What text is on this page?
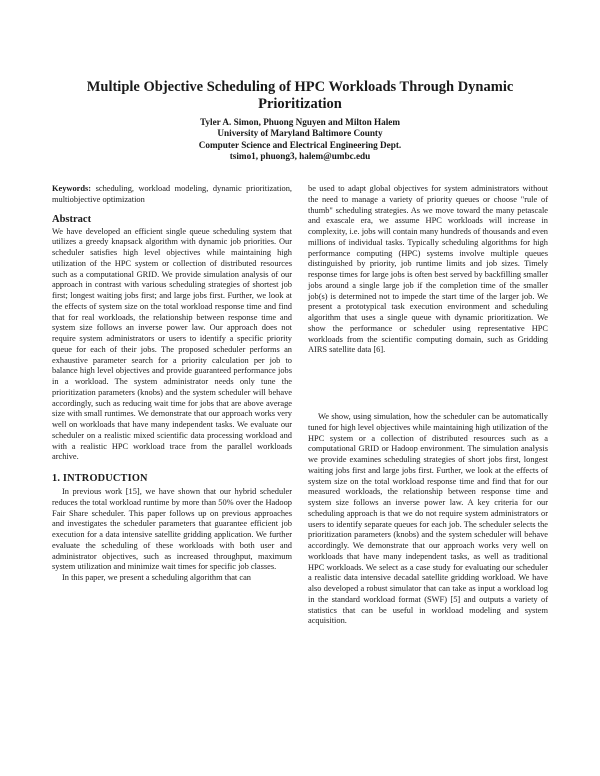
Multiple Objective Scheduling of HPC Workloads Through Dynamic Prioritization
Tyler A. Simon, Phuong Nguyen and Milton Halem
University of Maryland Baltimore County
Computer Science and Electrical Engineering Dept.
tsimo1, phuong3, halem@umbc.edu

Keywords: scheduling, workload modeling, dynamic prioritization, multiobjective optimization

Abstract

We have developed an efficient single queue scheduling system that utilizes a greedy knapsack algorithm with dynamic job priorities. Our scheduler satisfies high level objectives while maintaining high utilization of the HPC system or collection of distributed resources such as a computational GRID. We provide simulation analysis of our approach in contrast with various scheduling strategies of shortest job first; longest waiting jobs first; and large jobs first. Further, we look at the effects of system size on the total workload response time and find that for real workloads, the relationship between response time and system size follows an inverse power law. Our approach does not require system administrators or users to identify a specific priority queue for each of their jobs. The proposed scheduler performs an exhaustive parameter search for a priority calculation per job to balance high level objectives and provide guaranteed performance jobs in a workload. The system administrator needs only tune the prioritization parameters (knobs) and the system scheduler will behave accordingly, such as reducing wait time for jobs that are above average size with small runtimes. We demonstrate that our approach works very well on workloads that have many independent tasks. We evaluate our scheduler on a realistic mixed scientific data processing workload and with a realistic HPC workload trace from the parallel workloads archive.

1. INTRODUCTION

In previous work [15], we have shown that our hybrid scheduler reduces the total workload runtime by more than 50% over the Hadoop Fair Share scheduler. This paper follows up on previous approaches and investigates the scheduler parameters that guarantee efficient job execution for a data intensive satellite gridding application. We further evaluate the scheduling of these workloads with both user and administrator objectives, such as increased throughput, maximum system utilization and minimize wait times for specific job classes.

In this paper, we present a scheduling algorithm that can

be used to adapt global objectives for system administrators without the need to manage a variety of priority queues or choose "rule of thumb" scheduling strategies. As we move toward the many petascale and exascale era, we assume HPC workloads will increase in complexity, i.e. jobs will contain many hundreds of thousands and even millions of individual tasks. Typically scheduling algorithms for high performance computing (HPC) systems involve multiple queues distinguished by priority, job runtime limits and job sizes. Timely response times for large jobs is often best served by backfilling smaller jobs around a single large job if the completion time of the smaller job(s) is determined not to impede the start time of the larger job. We present a prototypical task execution environment and scheduling algorithm that uses a single queue with dynamic prioritization. We show the performance or scheduler using representative HPC workloads from the scientific computing domain, such as Gridding AIRS satellite data [6].

We show, using simulation, how the scheduler can be automatically tuned for high level objectives while maintaining high utilization of the HPC system or a collection of distributed resources such as a computational GRID or Hadoop environment. The simulation analysis we provide examines scheduling strategies of short jobs first, longest waiting jobs first and large jobs first. Further, we look at the effects of system size on the total workload response time and find that for our measured workloads, the relationship between response time and system size follows an inverse power law. A key criteria for our scheduling approach is that we do not require system administrators or users to identify separate queues for each job. The scheduler selects the prioritization parameters (knobs) and the system scheduler will behave accordingly. We demonstrate that our approach works very well on workloads that have many independent tasks, as well as traditional HPC workloads. We select as a case study for evaluating our scheduler a realistic data intensive decadal satellite gridding workload. We have also developed a robust simulator that can take as input a workload log in the standard workload format (SWF) [5] and outputs a variety of statistics that can be useful in workload modeling and system acquisition.
